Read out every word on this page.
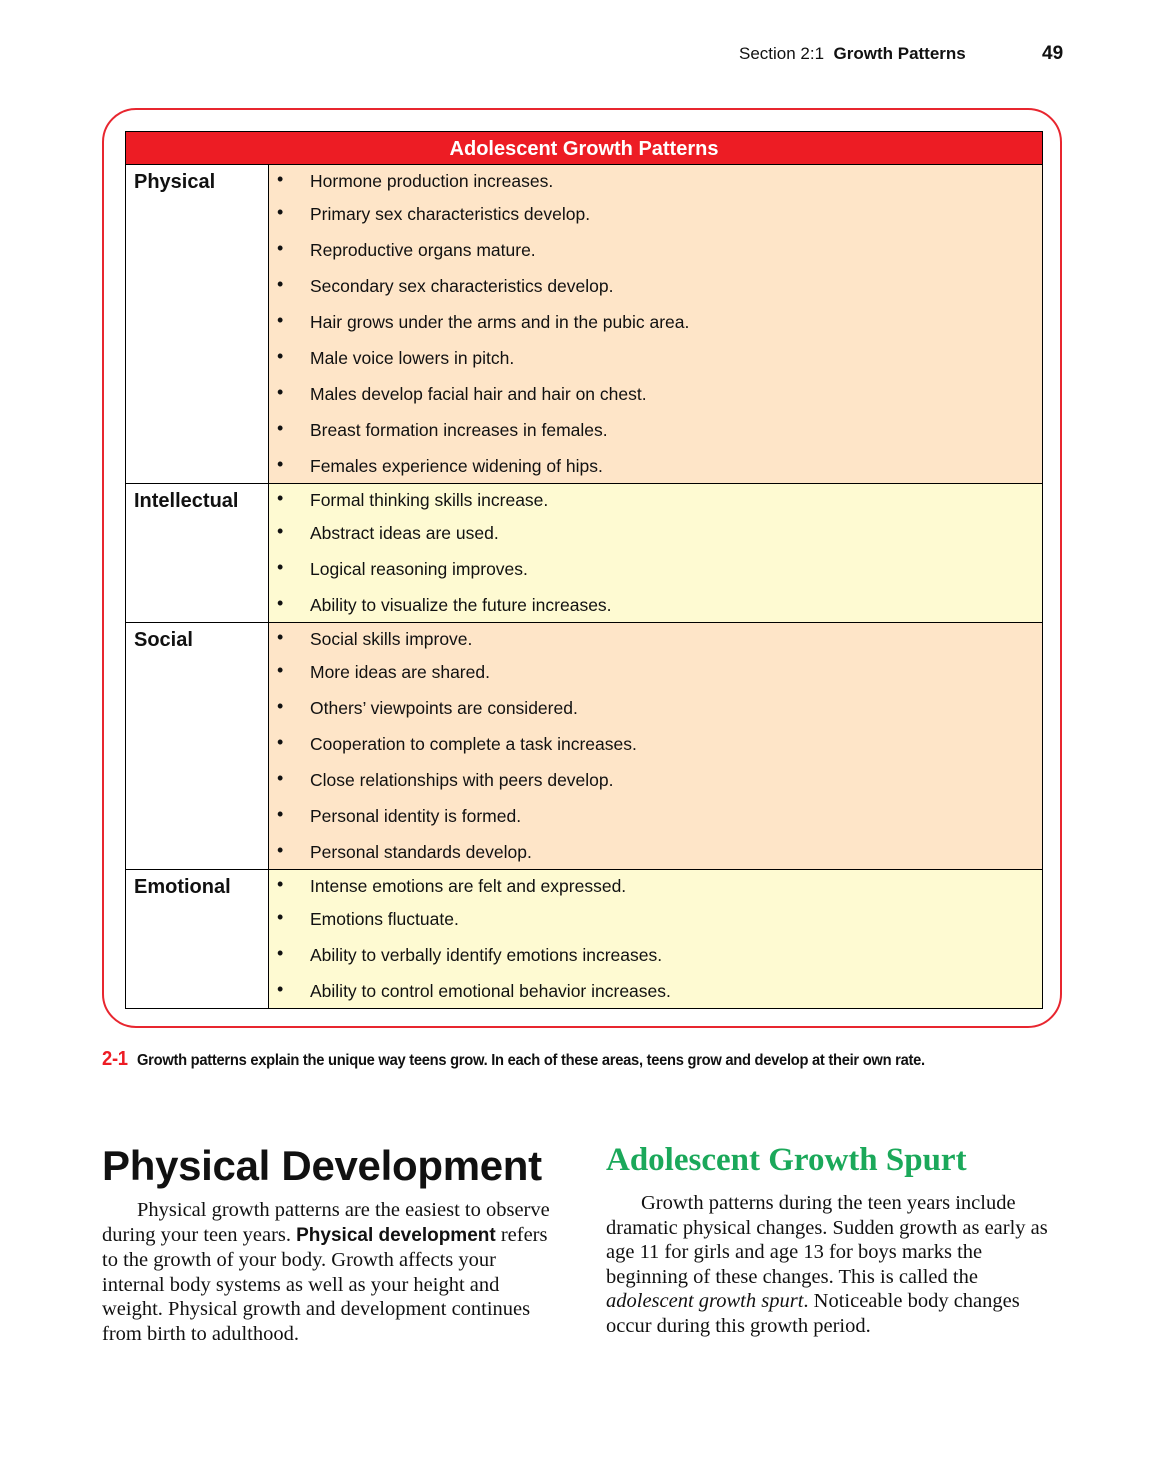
Section 2:1 Growth Patterns	49
Adolescent Growth Patterns
Physical	• Hormone production increases.
• Primary sex characteristics develop.
• Reproductive organs mature.
• Secondary sex characteristics develop.
• Hair grows under the arms and in the pubic area.
• Male voice lowers in pitch.
• Males develop facial hair and hair on chest.
• Breast formation increases in females.
• Females experience widening of hips.
Intellectual	• Formal thinking skills increase.
• Abstract ideas are used.
• Logical reasoning improves.
• Ability to visualize the future increases.
Social	• Social skills improve.
• More ideas are shared.
• Others’ viewpoints are considered.
• Cooperation to complete a task increases.
• Close relationships with peers develop.
• Personal identity is formed.
• Personal standards develop.
Emotional	• Intense emotions are felt and expressed.
• Emotions fluctuate.
• Ability to verbally identify emotions increases.
• Ability to control emotional behavior increases.
2-1 Growth patterns explain the unique way teens grow. In each of these areas, teens grow and develop at their own rate.
Physical Development
Physical growth patterns are the easiest to observe during your teen years. Physical development refers to the growth of your body. Growth affects your internal body systems as well as your height and weight. Physical growth and development continues from birth to adulthood.
Adolescent Growth Spurt
Growth patterns during the teen years include dramatic physical changes. Sudden growth as early as age 11 for girls and age 13 for boys marks the beginning of these changes. This is called the adolescent growth spurt. Noticeable body changes occur during this growth period.
